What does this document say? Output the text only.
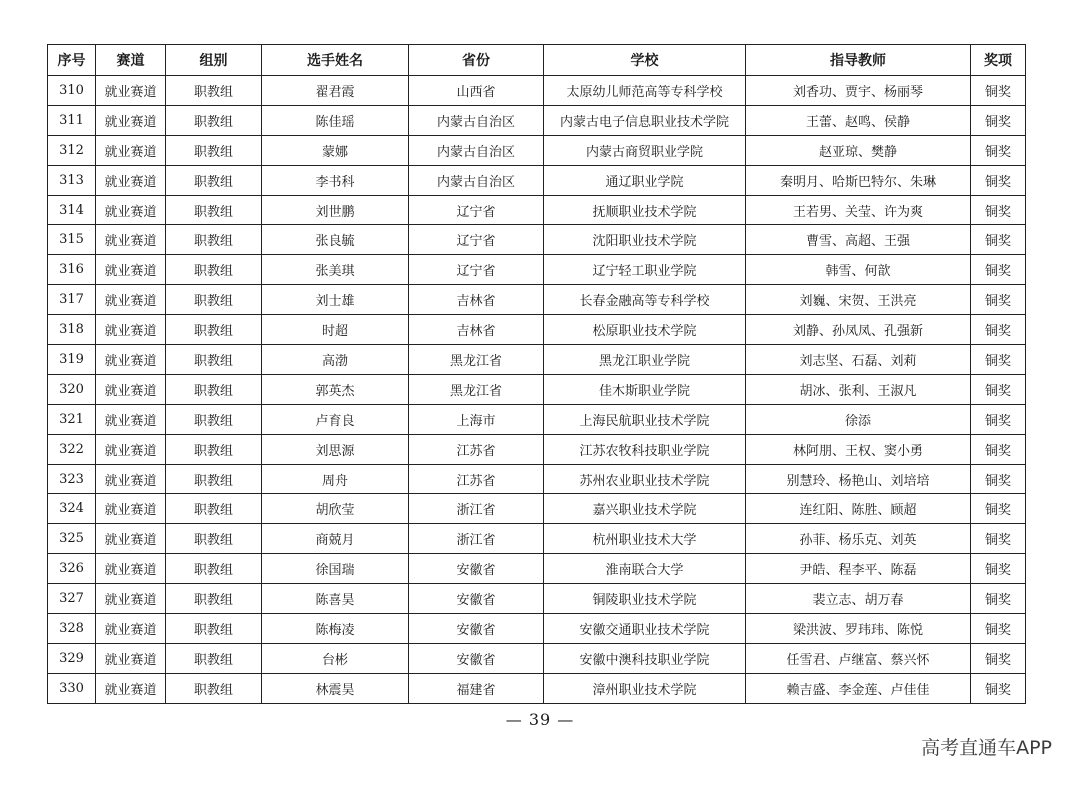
序号	赛道	组别	选手姓名	省份	学校	指导教师	奖项
310	就业赛道	职教组	翟君霞	山西省	太原幼儿师范高等专科学校	刘香功、贾宇、杨丽琴	铜奖
311	就业赛道	职教组	陈佳瑶	内蒙古自治区	内蒙古电子信息职业技术学院	王蕾、赵鸣、侯静	铜奖
312	就业赛道	职教组	蒙娜	内蒙古自治区	内蒙古商贸职业学院	赵亚琼、樊静	铜奖
313	就业赛道	职教组	李书科	内蒙古自治区	通辽职业学院	秦明月、哈斯巴特尔、朱琳	铜奖
314	就业赛道	职教组	刘世鹏	辽宁省	抚顺职业技术学院	王若男、关莹、许为爽	铜奖
315	就业赛道	职教组	张良毓	辽宁省	沈阳职业技术学院	曹雪、高超、王强	铜奖
316	就业赛道	职教组	张美琪	辽宁省	辽宁轻工职业学院	韩雪、何歆	铜奖
317	就业赛道	职教组	刘士雄	吉林省	长春金融高等专科学校	刘巍、宋贺、王洪亮	铜奖
318	就业赛道	职教组	时超	吉林省	松原职业技术学院	刘静、孙凤凤、孔强新	铜奖
319	就业赛道	职教组	高渤	黑龙江省	黑龙江职业学院	刘志坚、石磊、刘莉	铜奖
320	就业赛道	职教组	郭英杰	黑龙江省	佳木斯职业学院	胡冰、张利、王淑凡	铜奖
321	就业赛道	职教组	卢育良	上海市	上海民航职业技术学院	徐添	铜奖
322	就业赛道	职教组	刘思源	江苏省	江苏农牧科技职业学院	林阿朋、王权、窦小勇	铜奖
323	就业赛道	职教组	周舟	江苏省	苏州农业职业技术学院	别慧玲、杨艳山、刘培培	铜奖
324	就业赛道	职教组	胡欣莹	浙江省	嘉兴职业技术学院	连红阳、陈胜、顾超	铜奖
325	就业赛道	职教组	商兢月	浙江省	杭州职业技术大学	孙菲、杨乐克、刘英	铜奖
326	就业赛道	职教组	徐国瑞	安徽省	淮南联合大学	尹皓、程李平、陈磊	铜奖
327	就业赛道	职教组	陈喜昊	安徽省	铜陵职业技术学院	裴立志、胡万春	铜奖
328	就业赛道	职教组	陈梅凌	安徽省	安徽交通职业技术学院	梁洪波、罗玮玮、陈悦	铜奖
329	就业赛道	职教组	台彬	安徽省	安徽中澳科技职业学院	任雪君、卢继富、蔡兴怀	铜奖
330	就业赛道	职教组	林震昊	福建省	漳州职业技术学院	赖吉盛、李金莲、卢佳佳	铜奖
— 39 —
高考直通车APP
